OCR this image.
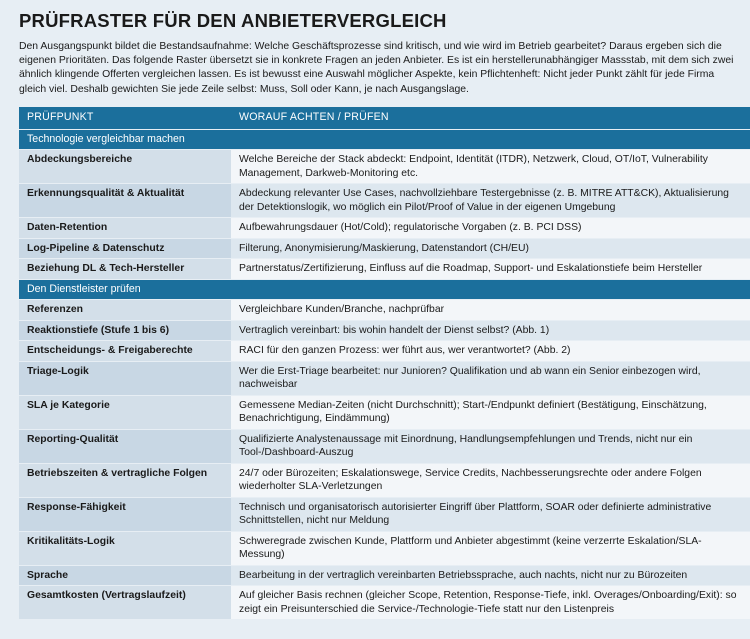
PRÜFRASTER FÜR DEN ANBIETERVERGLEICH

Den Ausgangspunkt bildet die Bestandsaufnahme: Welche Geschäftsprozesse sind kritisch, und wie wird im Betrieb gearbeitet? Daraus ergeben sich die eigenen Prioritäten. Das folgende Raster übersetzt sie in konkrete Fragen an jeden Anbieter. Es ist ein herstellerunabhängiger Massstab, mit dem sich zwei ähnlich klingende Offerten vergleichen lassen. Es ist bewusst eine Auswahl möglicher Aspekte, kein Pflichtenheft: Nicht jeder Punkt zählt für jede Firma gleich viel. Deshalb gewichten Sie jede Zeile selbst: Muss, Soll oder Kann, je nach Ausgangslage.

PRÜFPUNKT	WORAUF ACHTEN / PRÜFEN
Technologie vergleichbar machen	
Abdeckungsbereiche	Welche Bereiche der Stack abdeckt: Endpoint, Identität (ITDR), Netzwerk, Cloud, OT/IoT, Vulnerability Management, Darkweb-Monitoring etc.
Erkennungsqualität & Aktualität	Abdeckung relevanter Use Cases, nachvollziehbare Testergebnisse (z. B. MITRE ATT&CK), Aktualisierung der Detektionslogik, wo möglich ein Pilot/Proof of Value in der eigenen Umgebung
Daten-Retention	Aufbewahrungsdauer (Hot/Cold); regulatorische Vorgaben (z. B. PCI DSS)
Log-Pipeline & Datenschutz	Filterung, Anonymisierung/Maskierung, Datenstandort (CH/EU)
Beziehung DL & Tech-Hersteller	Partnerstatus/Zertifizierung, Einfluss auf die Roadmap, Support- und Eskalationstiefe beim Hersteller
Den Dienstleister prüfen	
Referenzen	Vergleichbare Kunden/Branche, nachprüfbar
Reaktionstiefe (Stufe 1 bis 6)	Vertraglich vereinbart: bis wohin handelt der Dienst selbst? (Abb. 1)
Entscheidungs- & Freigaberechte	RACI für den ganzen Prozess: wer führt aus, wer verantwortet? (Abb. 2)
Triage-Logik	Wer die Erst-Triage bearbeitet: nur Junioren? Qualifikation und ab wann ein Senior einbezogen wird, nachweisbar
SLA je Kategorie	Gemessene Median-Zeiten (nicht Durchschnitt); Start-/Endpunkt definiert (Bestätigung, Einschätzung, Benachrichtigung, Eindämmung)
Reporting-Qualität	Qualifizierte Analystenaussage mit Einordnung, Handlungsempfehlungen und Trends, nicht nur ein Tool-/Dashboard-Auszug
Betriebszeiten & vertragliche Folgen	24/7 oder Bürozeiten; Eskalationswege, Service Credits, Nachbesserungsrechte oder andere Folgen wiederholter SLA-Verletzungen
Response-Fähigkeit	Technisch und organisatorisch autorisierter Eingriff über Plattform, SOAR oder definierte administrative Schnittstellen, nicht nur Meldung
Kritikalitäts-Logik	Schweregrade zwischen Kunde, Plattform und Anbieter abgestimmt (keine verzerrte Eskalation/SLA-Messung)
Sprache	Bearbeitung in der vertraglich vereinbarten Betriebssprache, auch nachts, nicht nur zu Bürozeiten
Gesamtkosten (Vertragslaufzeit)	Auf gleicher Basis rechnen (gleicher Scope, Retention, Response-Tiefe, inkl. Overages/Onboarding/Exit): so zeigt ein Preisunterschied die Service-/Technologie-Tiefe statt nur den Listenpreis
